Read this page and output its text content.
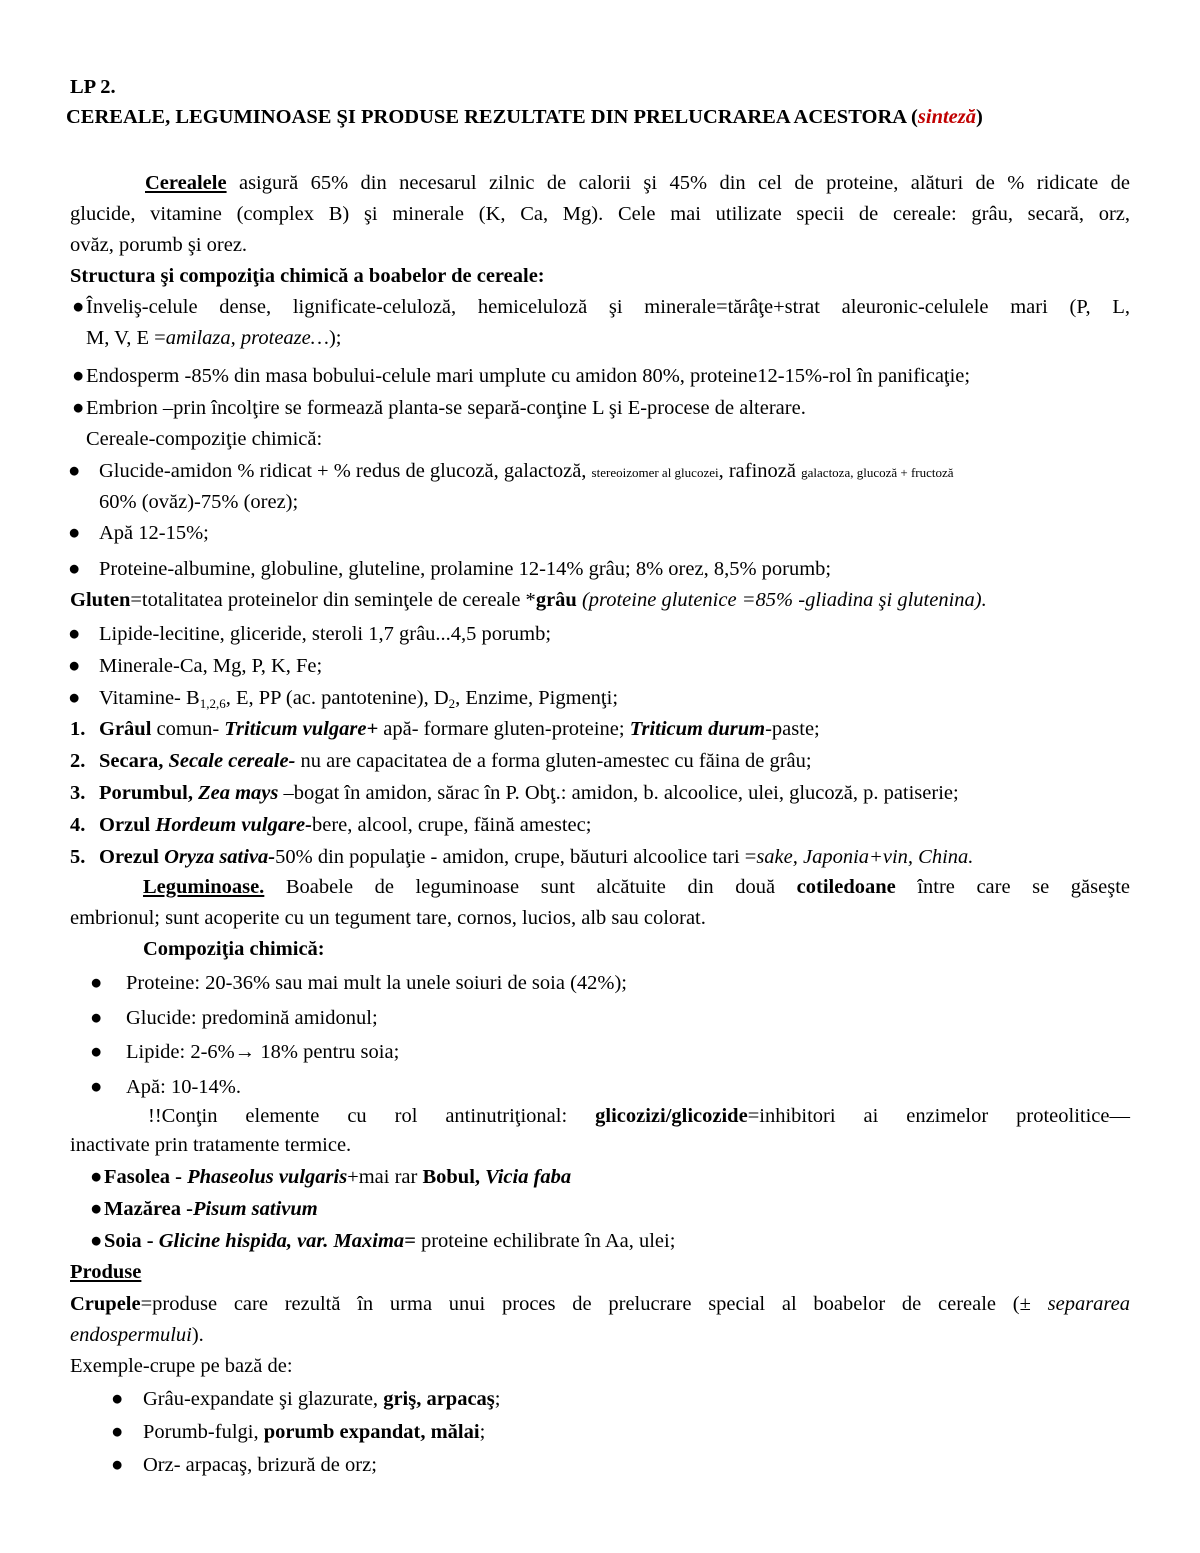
LP 2.
CEREALE, LEGUMINOASE ŞI PRODUSE REZULTATE DIN PRELUCRAREA ACESTORA (sinteză)
Cerealele asigură 65% din necesarul zilnic de calorii şi 45% din cel de proteine, alături de % ridicate de
glucide, vitamine (complex B) şi minerale (K, Ca, Mg). Cele mai utilizate specii de cereale: grâu, secară, orz,
ovăz, porumb şi orez.
Structura şi compoziţia chimică a boabelor de cereale:
● Înveliş-celule dense, lignificate-celuloză, hemiceluloză şi minerale=tărâţe+strat aleuronic-celulele mari (P, L,
M, V, E =amilaza, proteaze…);
● Endosperm -85% din masa bobului-celule mari umplute cu amidon 80%, proteine12-15%-rol în panificaţie;
● Embrion –prin încolţire se formează planta-se separă-conţine L şi E-procese de alterare.
Cereale-compoziţie chimică:
● Glucide-amidon % ridicat + % redus de glucoză, galactoză, stereoizomer al glucozei, rafinoză galactoza, glucoză + fructoză
60% (ovăz)-75% (orez);
● Apă 12-15%;
● Proteine-albumine, globuline, gluteline, prolamine 12-14% grâu; 8% orez, 8,5% porumb;
Gluten=totalitatea proteinelor din seminţele de cereale *grâu (proteine glutenice =85% -gliadina şi glutenina).
● Lipide-lecitine, gliceride, steroli 1,7 grâu...4,5 porumb;
● Minerale-Ca, Mg, P, K, Fe;
● Vitamine- $B_{1,2,6}$, E, PP (ac. pantotenine), $D_2$, Enzime, Pigmenţi;
1. Grâul comun- Triticum vulgare+ apă- formare gluten-proteine; Triticum durum-paste;
2. Secara, Secale cereale- nu are capacitatea de a forma gluten-amestec cu făina de grâu;
3. Porumbul, Zea mays –bogat în amidon, sărac în P. Obţ.: amidon, b. alcoolice, ulei, glucoză, p. patiserie;
4. Orzul Hordeum vulgare-bere, alcool, crupe, făină amestec;
5. Orezul Oryza sativa-50% din populaţie - amidon, crupe, băuturi alcoolice tari =sake, Japonia+vin, China.
Leguminoase. Boabele de leguminoase sunt alcătuite din două cotiledoane între care se găseşte
embrionul; sunt acoperite cu un tegument tare, cornos, lucios, alb sau colorat.
Compoziţia chimică:
● Proteine: 20-36% sau mai mult la unele soiuri de soia (42%);
● Glucide: predomină amidonul;
● Lipide: 2-6%→ 18% pentru soia;
● Apă: 10-14%.
!!Conţin elemente cu rol antinutriţional: glicozizi/glicozide=inhibitori ai enzimelor proteolitice—
inactivate prin tratamente termice.
● Fasolea - Phaseolus vulgaris+mai rar Bobul, Vicia faba
● Mazărea -Pisum sativum
● Soia - Glicine hispida, var. Maxima= proteine echilibrate în Aa, ulei;
Produse
Crupele=produse care rezultă în urma unui proces de prelucrare special al boabelor de cereale (± separarea
endospermului).
Exemple-crupe pe bază de:
● Grâu-expandate şi glazurate, griş, arpacaş;
● Porumb-fulgi, porumb expandat, mălai;
● Orz- arpacaş, brizură de orz;
